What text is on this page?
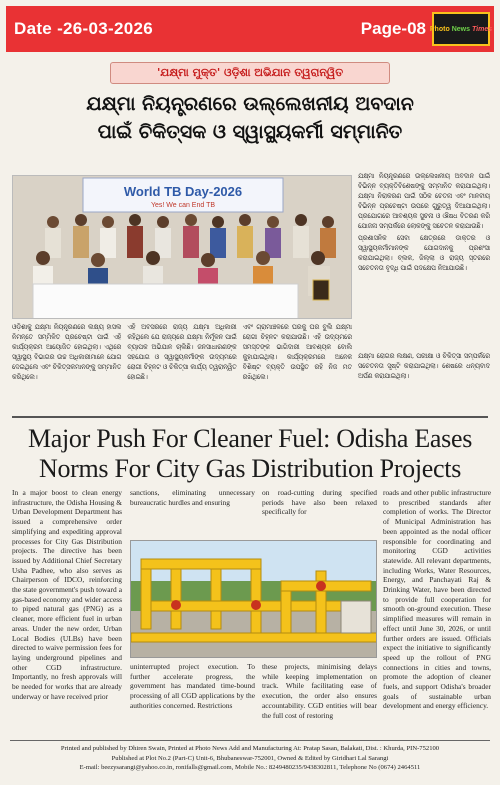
Date -26-03-2026	Page-08 Photo News Times
'ଯକ୍ଷ୍ମା ମୁକ୍ତ' ଓଡ଼ିଶା ଅଭିଯାନ ତ୍ୱରାନ୍ୱିତ
ଯକ୍ଷ୍ମା ନିୟନ୍ତ୍ରଣରେ ଉଲ୍ଲେଖନୀୟ ଅବଦାନ
ପାଇଁ ଚିକିତ୍ସକ ଓ ସ୍ୱାସ୍ଥ୍ୟକର୍ମୀ ସମ୍ମାନିତ
World TB Day-2026
Yes! We can End TB

ଯକ୍ଷ୍ମା ନିୟନ୍ତ୍ରଣରେ ଉଲ୍ଲେଖନୀୟ ଅବଦାନ ପାଇଁ ବିଭିନ୍ନ ବ୍ୟକ୍ତିବିଶେଷଙ୍କୁ ସମ୍ମାନିତ କରାଯାଇଥିଲା। ଯକ୍ଷ୍ମା ନିରାକରଣ ପାଇଁ ସଠିକ ଚେତନା ଏବଂ ମାନବୀୟ ବିଭିନ୍ନ ପ୍ରଚେଷ୍ଟା ଉପରେ ଗୁରୁତ୍ୱ ଦିଆଯାଇଥିଲା। ପ୍ରଯୋଗରେ ଆବଶ୍ୟକ ସୁଚନା ଓ ଔଷଧ ବିତରଣ କରି ଯୋଜନା ସମ୍ପର୍କରେ ଲୋକଙ୍କୁ ସଚେତନ କରାଯାଉଛି।

ପ୍ରଶାସନିକ ସେବା କ୍ଷେତ୍ରରେ ଡାକ୍ତର ଓ ସ୍ୱାସ୍ଥ୍ୟକର୍ମୀମାନଙ୍କ ଯୋଗଦାନକୁ ପ୍ରଶଂସା କରାଯାଇଥିଲା। ବ୍ଲକ, ଜିଲ୍ଲା ଓ ରାଜ୍ୟ ସ୍ତରରେ ସଚେତନତା ବୃଦ୍ଧି ପାଇଁ ପଦକ୍ଷେପ ନିଆଯାଉଛି।

ଓଡ଼ିଶାକୁ ଯକ୍ଷ୍ମା ନିୟନ୍ତ୍ରଣରେ ଲକ୍ଷ୍ୟ ହାସଲ ନିମନ୍ତେ ସମ୍ମିଳିତ ପ୍ରଚେଷ୍ଟା ପାଇଁ ଏହି କାର୍ଯ୍ୟକ୍ରମ ଆୟୋଜିତ ହୋଇଥିଲା। ଏଥିରେ ସ୍ୱାସ୍ଥ୍ୟ ବିଭାଗର ଉଚ୍ଚ ଅଧିକାରୀମାନେ ଯୋଗ ଦେଇଥିଲେ ଏବଂ ଚିକିତ୍ସକମାନଙ୍କୁ ସମ୍ମାନିତ କରିଥିଲେ।
ଏହି ଅବସରରେ ରାଜ୍ୟ ଯକ୍ଷ୍ମା ଅଧିକାରୀ କହିଥିଲେ ଯେ ରାଜ୍ୟରେ ଯକ୍ଷ୍ମା ନିର୍ମୂଳନ ପାଇଁ ବ୍ୟାପକ ଅଭିଯାନ ଚାଲିଛି। ଜନସାଧାରଣଙ୍କ ସହଯୋଗ ଓ ସ୍ୱାସ୍ଥ୍ୟକର୍ମୀଙ୍କ ଉଦ୍ୟମରେ ରୋଗୀ ଚିହ୍ନଟ ଓ ଚିକିତ୍ସା କାର୍ଯ୍ୟ ତ୍ୱରାନ୍ୱିତ ହୋଇଛି।
ଏବଂ ଗ୍ରାମାଞ୍ଚଳରେ ଘରକୁ ଘର ବୁଲି ଯକ୍ଷ୍ମା ରୋଗୀ ଚିହ୍ନଟ କରାଯାଉଛି। ଏହି ଉଦ୍ୟମରେ ସମସ୍ତଙ୍କ ଭାଗିଦାରୀ ଆବଶ୍ୟକ ବୋଲି କୁହାଯାଇଥିଲା। କାର୍ଯ୍ୟକ୍ରମରେ ଅନେକ ବିଶିଷ୍ଟ ବ୍ୟକ୍ତି ଉପସ୍ଥିତ ରହି ନିଜ ମତ ରଖିଥିଲେ।
ଯକ୍ଷ୍ମା ରୋଗର ଲକ୍ଷଣ, ପରୀକ୍ଷା ଓ ଚିକିତ୍ସା ସମ୍ପର୍କରେ ସଚେତନତା ସୃଷ୍ଟି କରାଯାଇଥିଲା। ଶେଷରେ ଧନ୍ୟବାଦ ଅର୍ପଣ କରାଯାଇଥିଲା।
Major Push For Cleaner Fuel: Odisha Eases Norms For City Gas Distribution Projects
In a major boost to clean energy infrastructure, the Odisha Housing & Urban Development Department has issued a comprehensive order simplifying and expediting approval processes for City Gas Distribution projects. The directive has been issued by Additional Chief Secretary Usha Padhee, who also serves as Chairperson of IDCO, reinforcing the state government's push toward a gas-based economy and wider access to piped natural gas (PNG) as a cleaner, more efficient fuel in urban areas. Under the new order, Urban Local Bodies (ULBs) have been directed to waive permission fees for laying underground pipelines and other CGD infrastructure. Importantly, no fresh approvals will be needed for works that are already underway or have received prior
sanctions, eliminating unnecessary bureaucratic hurdles and ensuring
on road-cutting during specified periods have also been relaxed specifically for
roads and other public infrastructure to prescribed standards after completion of works. The Director of Municipal Administration has been appointed as the nodal officer responsible for coordinating and monitoring CGD activities statewide. All relevant departments, including Works, Water Resources, Energy, and Panchayati Raj & Drinking Water, have been directed to provide full cooperation for smooth on-ground execution. These simplified measures will remain in effect until June 30, 2026, or until further orders are issued. Officials expect the initiative to significantly speed up the rollout of PNG connections in cities and towns, promote the adoption of cleaner fuels, and support Odisha's broader goals of sustainable urban development and energy efficiency.
uninterrupted project execution. To further accelerate progress, the government has mandated time-bound processing of all CGD applications by the authorities concerned. Restrictions
these projects, minimising delays while keeping implementation on track. While facilitating ease of execution, the order also ensures accountability. CGD entities will bear the full cost of restoring
Printed and published by Dhiren Swain, Printed at Photo News Add and Manufacturing At: Pratap Sasan, Balakati, Dist. : Khurda, PIN-752100
Published at Plot No.2 (Part-C) Unit-6, Bhubaneswar-752001, Owned & Edited by Giridhari Lal Sarangi
E-mail: beezysarangi@yahoo.co.in, ronifalls@gmail.com, Mobile No.: 8249480235/9438302811, Telephone No (0674) 2464511
